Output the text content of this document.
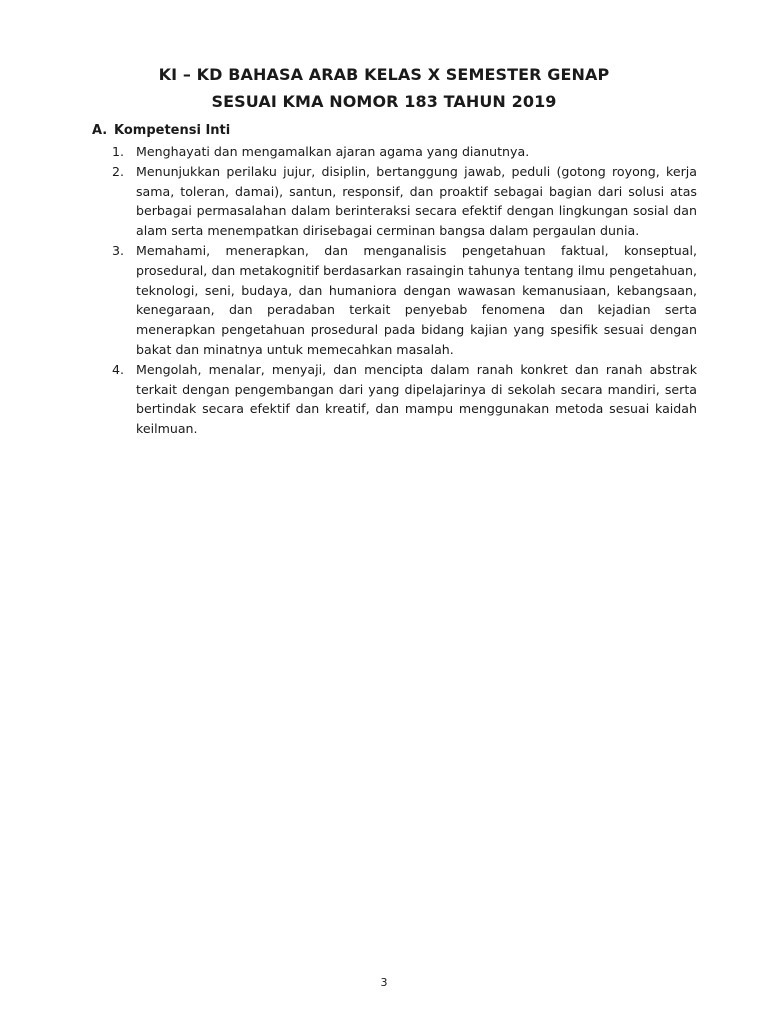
KI – KD BAHASA ARAB KELAS X SEMESTER GENAP
SESUAI KMA NOMOR 183 TAHUN 2019
A. Kompetensi Inti
1. Menghayati dan mengamalkan ajaran agama yang dianutnya.
2. Menunjukkan perilaku jujur, disiplin, bertanggung jawab, peduli (gotong royong, kerja sama, toleran, damai), santun, responsif, dan proaktif sebagai bagian dari solusi atas berbagai permasalahan dalam berinteraksi secara efektif dengan lingkungan sosial dan alam serta menempatkan dirisebagai cerminan bangsa dalam pergaulan dunia.
3. Memahami, menerapkan, dan menganalisis pengetahuan faktual, konseptual, prosedural, dan metakognitif berdasarkan rasaingin tahunya tentang ilmu pengetahuan, teknologi, seni, budaya, dan humaniora dengan wawasan kemanusiaan, kebangsaan, kenegaraan, dan peradaban terkait penyebab fenomena dan kejadian serta menerapkan pengetahuan prosedural pada bidang kajian yang spesifik sesuai dengan bakat dan minatnya untuk memecahkan masalah.
4. Mengolah, menalar, menyaji, dan mencipta dalam ranah konkret dan ranah abstrak terkait dengan pengembangan dari yang dipelajarinya di sekolah secara mandiri, serta bertindak secara efektif dan kreatif, dan mampu menggunakan metoda sesuai kaidah keilmuan.
3
